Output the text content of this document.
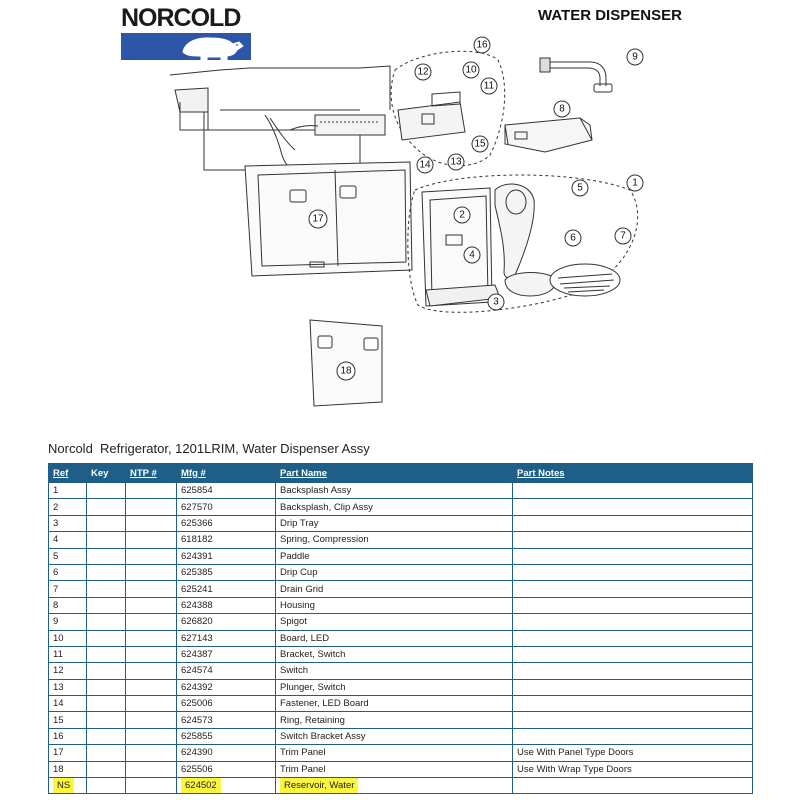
NORCOLD	WATER DISPENSER
16
9
12	10
11
8
15
13
14
1
5
2
17
6	7
4
3
18
Norcold Refrigerator, 1201LRIM, Water Dispenser Assy
Ref	Key	NTP #	Mfg #	Part Name	Part Notes
1			625854	Backsplash Assy	
2			627570	Backsplash, Clip Assy	
3			625366	Drip Tray	
4			618182	Spring, Compression	
5			624391	Paddle	
6			625385	Drip Cup	
7			625241	Drain Grid	
8			624388	Housing	
9			626820	Spigot	
10			627143	Board, LED	
11			624387	Bracket, Switch	
12			624574	Switch	
13			624392	Plunger, Switch	
14			625006	Fastener, LED Board	
15			624573	Ring, Retaining	
16			625855	Switch Bracket Assy	
17			624390	Trim Panel	Use With Panel Type Doors
18			625506	Trim Panel	Use With Wrap Type Doors
NS			624502	Reservoir, Water	
